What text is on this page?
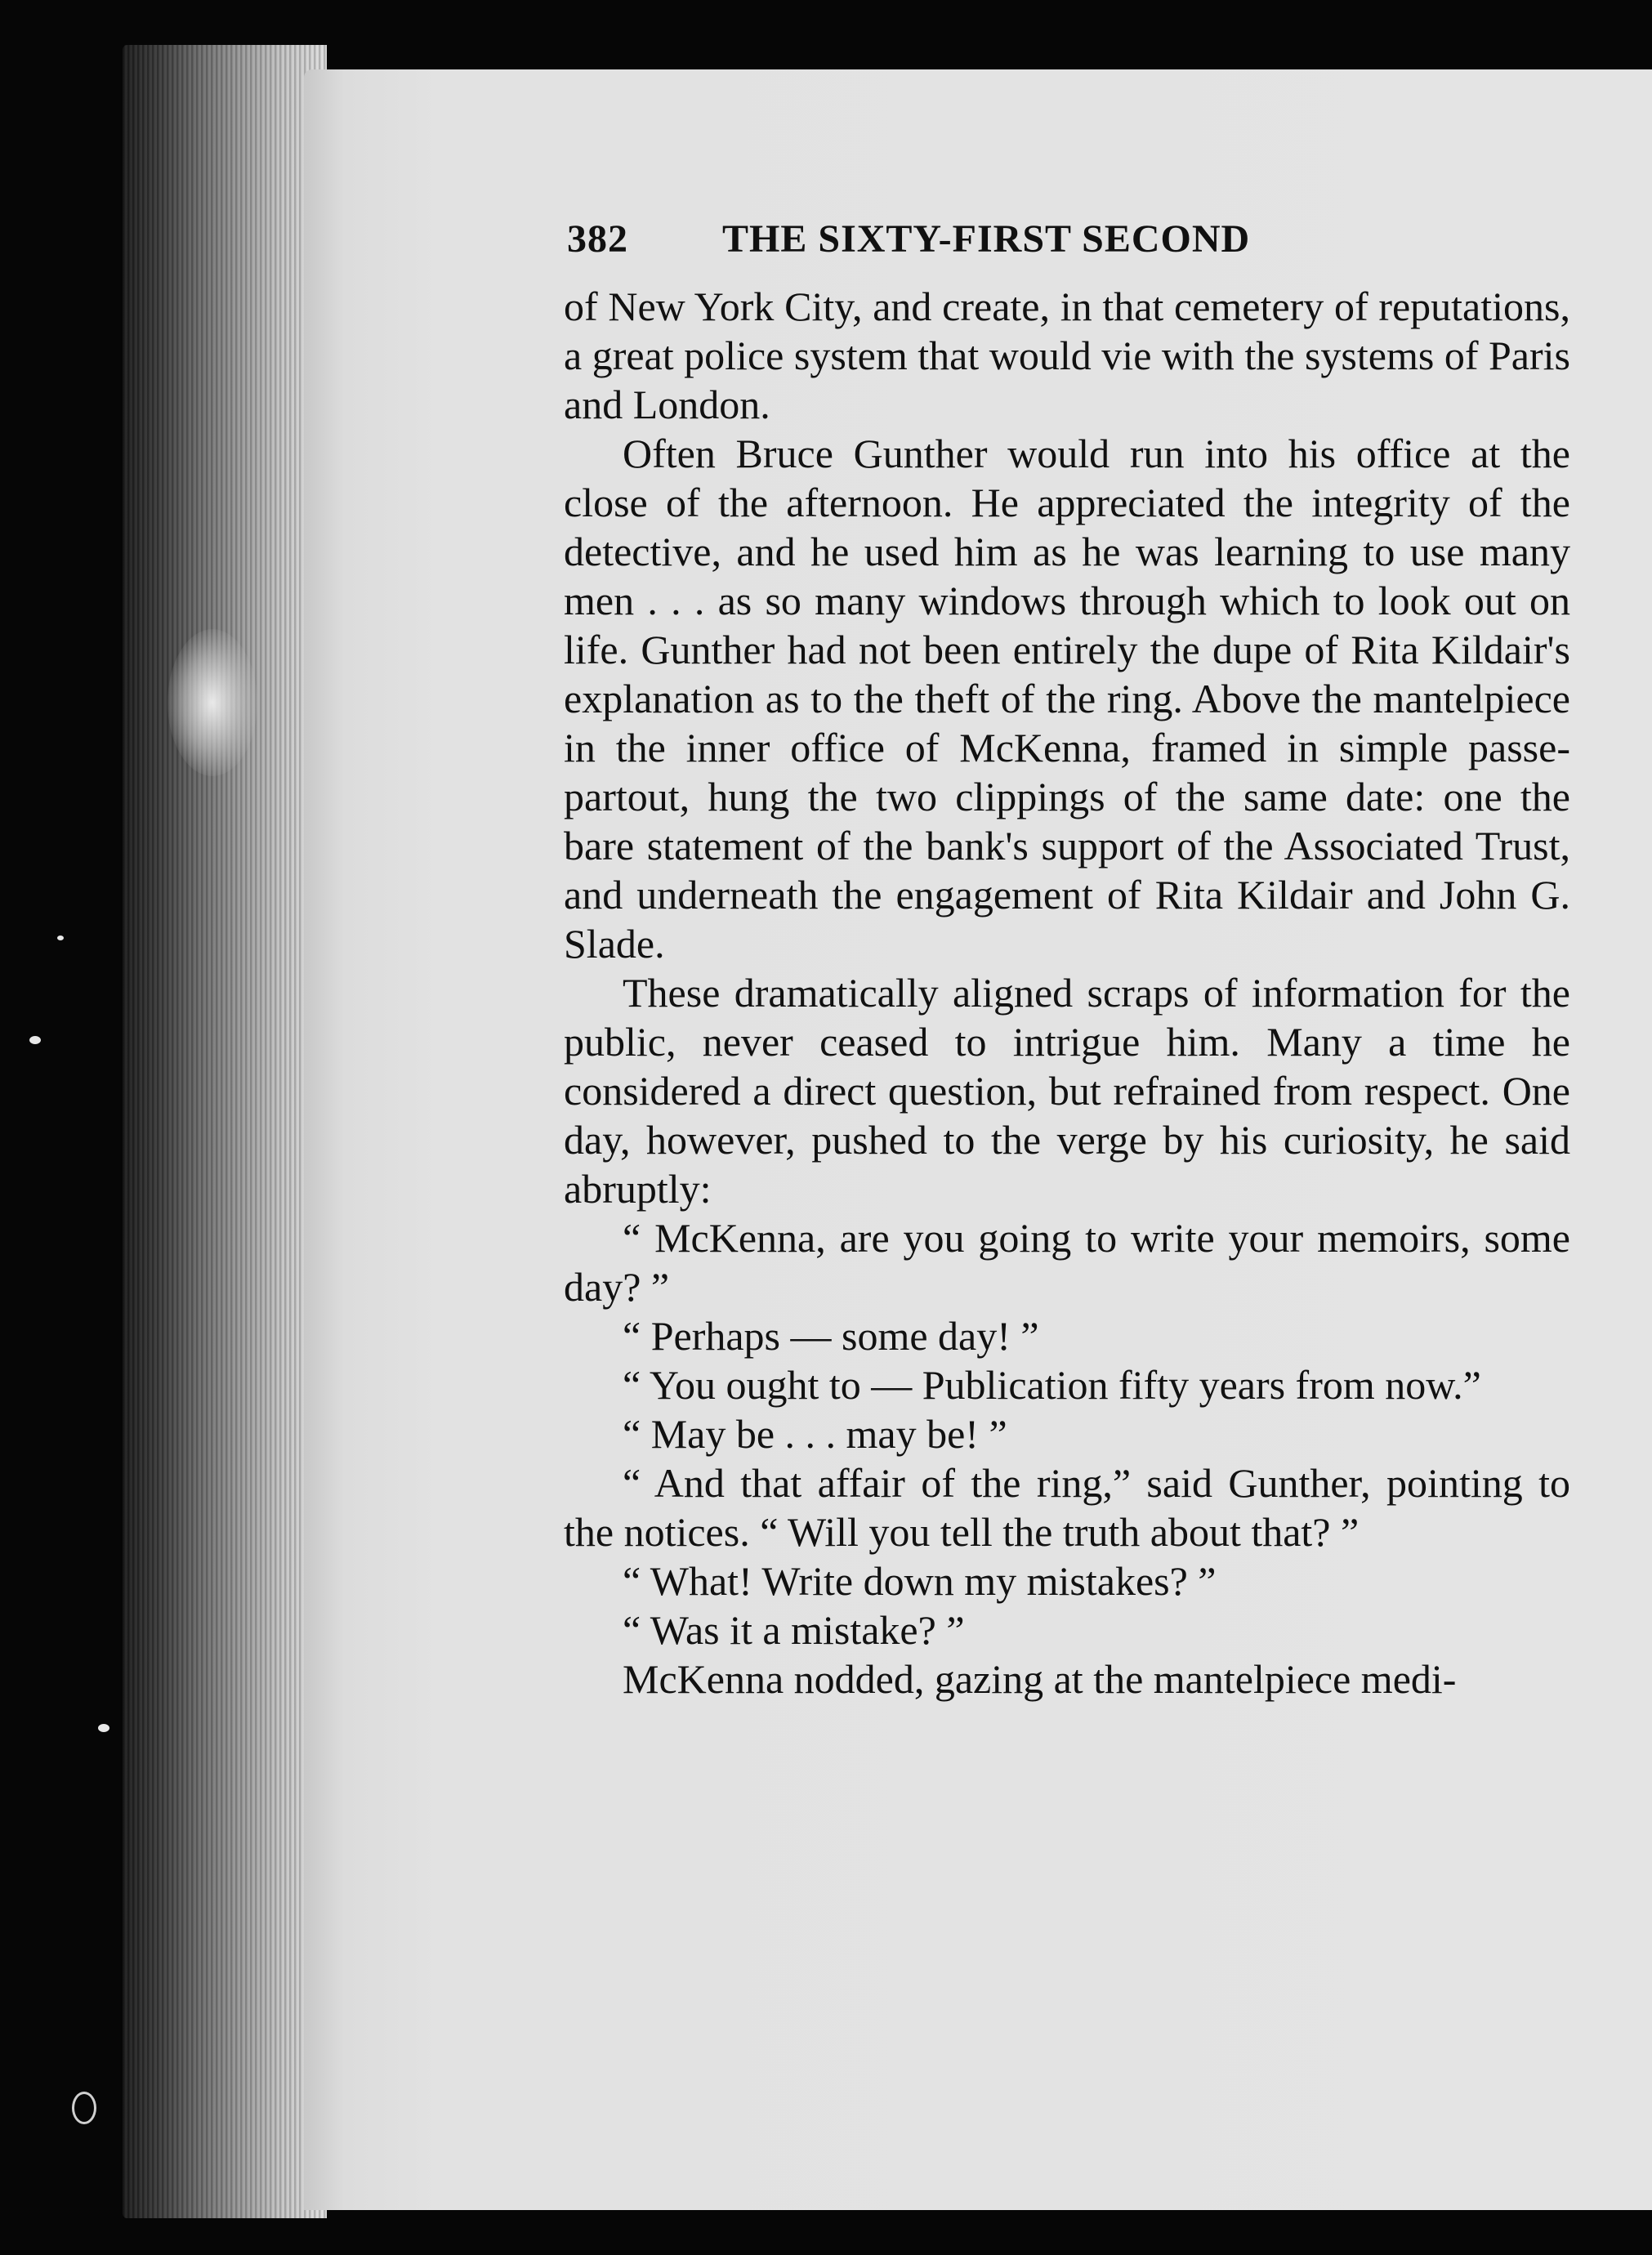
382	THE SIXTY-FIRST SECOND

of New York City, and create, in that cemetery of reputations, a great police system that would vie with the systems of Paris and London.

Often Bruce Gunther would run into his office at the close of the afternoon. He appreciated the integrity of the detective, and he used him as he was learning to use many men . . . as so many windows through which to look out on life. Gunther had not been entirely the dupe of Rita Kildair's explanation as to the theft of the ring. Above the mantelpiece in the inner office of McKenna, framed in simple passe-partout, hung the two clippings of the same date: one the bare statement of the bank's support of the Associated Trust, and underneath the engagement of Rita Kildair and John G. Slade.

These dramatically aligned scraps of information for the public, never ceased to intrigue him. Many a time he considered a direct question, but refrained from respect. One day, however, pushed to the verge by his curiosity, he said abruptly:

“ McKenna, are you going to write your memoirs, some day? ”

“ Perhaps — some day! ”

“ You ought to — Publication fifty years from now.”

“ May be . . . may be! ”

“ And that affair of the ring,” said Gunther, pointing to the notices. “ Will you tell the truth about that? ”

“ What! Write down my mistakes? ”

“ Was it a mistake? ”

McKenna nodded, gazing at the mantelpiece medi-
